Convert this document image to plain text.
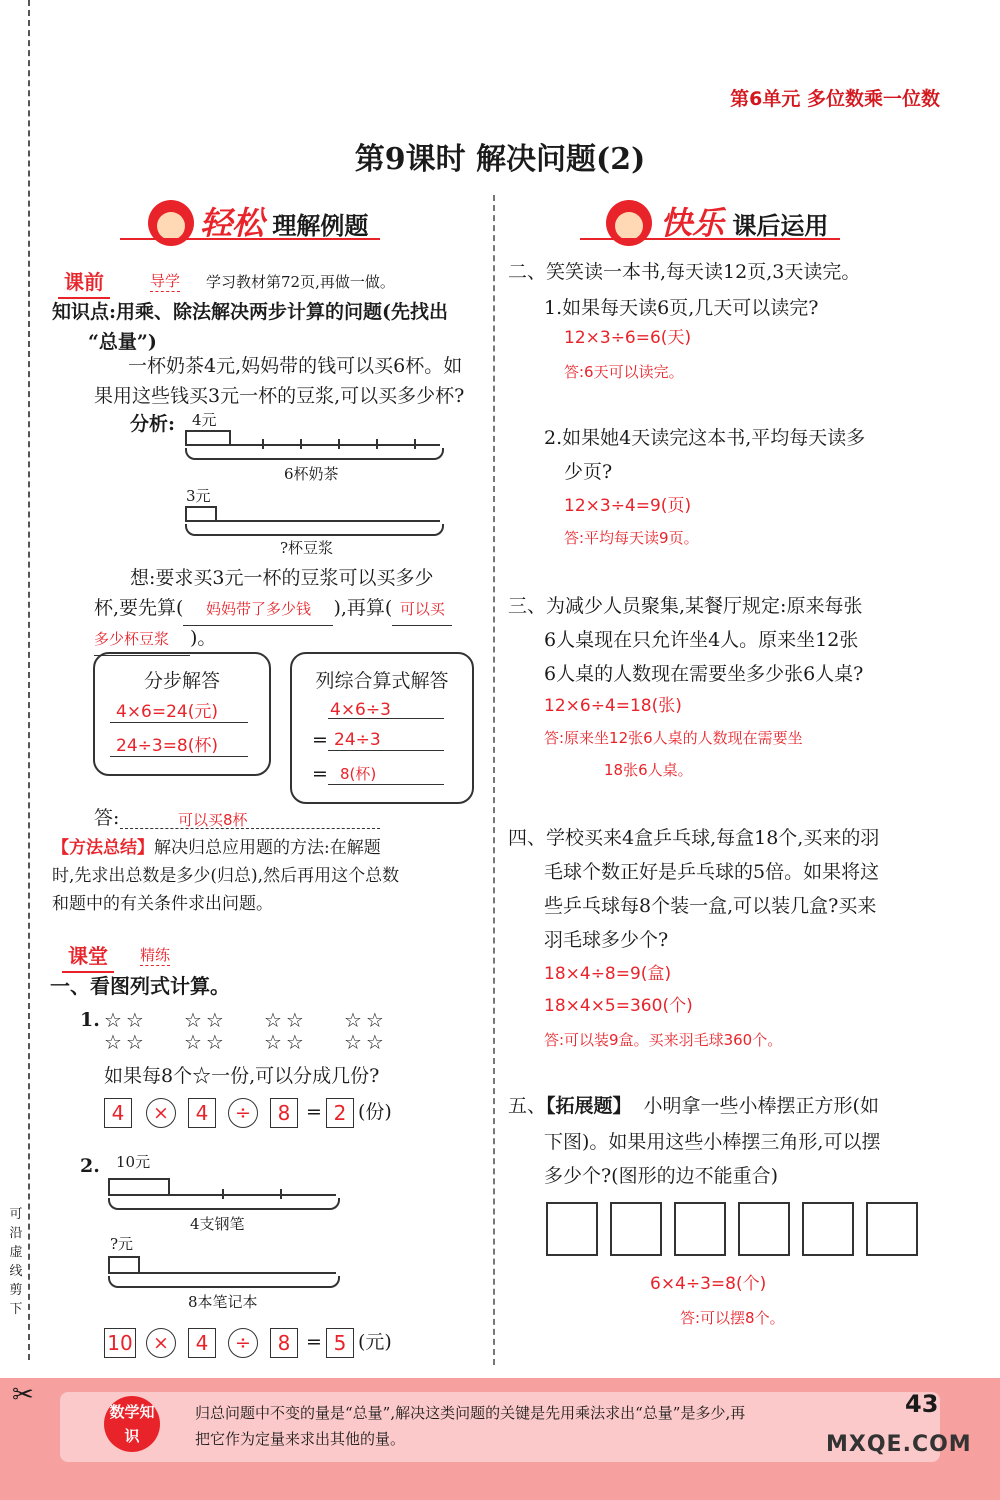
可沿虚线剪下
第6单元 多位数乘一位数
第9课时 解决问题(2)
轻松 理解例题
课前	导学 学习教材第72页,再做一做。
知识点:用乘、除法解决两步计算的问题(先找出
“总量”)
一杯奶茶4元,妈妈带的钱可以买6杯。如
果用这些钱买3元一杯的豆浆,可以买多少杯?
分析: 4元
6杯奶茶
3元
?杯豆浆
想:要求买3元一杯的豆浆可以买多少
杯,要先算( 妈妈带了多少钱 ),再算( 可以买
多少杯豆浆 )。
分步解答
4×6=24(元)
24÷3=8(杯)
列综合算式解答
4×6÷3
= 24÷3
= 8(杯)
答:	可以买8杯
【方法总结】解决归总应用题的方法:在解题
时,先求出总数是多少(归总),然后再用这个总数
和题中的有关条件求出问题。
课堂	精练
一、看图列式计算。
1. ☆☆
☆☆
☆☆
☆☆
☆☆
☆☆
☆☆
☆☆
如果每8个☆一份,可以分成几份?
4	×	4	÷	8 = 2 (份)
2. 10元
4支钢笔
?元
8本笔记本
10	×	4	÷	8 = 5 (元)
快乐 课后运用
二、笑笑读一本书,每天读12页,3天读完。
1.如果每天读6页,几天可以读完?
12×3÷6=6(天)
答:6天可以读完。
2.如果她4天读完这本书,平均每天读多
少页?
12×3÷4=9(页)
答:平均每天读9页。
三、为减少人员聚集,某餐厅规定:原来每张
6人桌现在只允许坐4人。原来坐12张
6人桌的人数现在需要坐多少张6人桌?
12×6÷4=18(张)
答:原来坐12张6人桌的人数现在需要坐
18张6人桌。
四、学校买来4盒乒乓球,每盒18个,买来的羽
毛球个数正好是乒乓球的5倍。如果将这
些乒乓球每8个装一盒,可以装几盒?买来
羽毛球多少个?
18×4÷8=9(盒)
18×4×5=360(个)
答:可以装9盒。买来羽毛球360个。
五、【拓展题】 小明拿一些小棒摆正方形(如
下图)。如果用这些小棒摆三角形,可以摆
多少个?(图形的边不能重合)
6×4÷3=8(个)
答:可以摆8个。
✂
数学知识
归总问题中不变的量是“总量”,解决这类问题的关键是先用乘法求出“总量”是多少,再
把它作为定量来求出其他的量。
43
MXQE.COM
